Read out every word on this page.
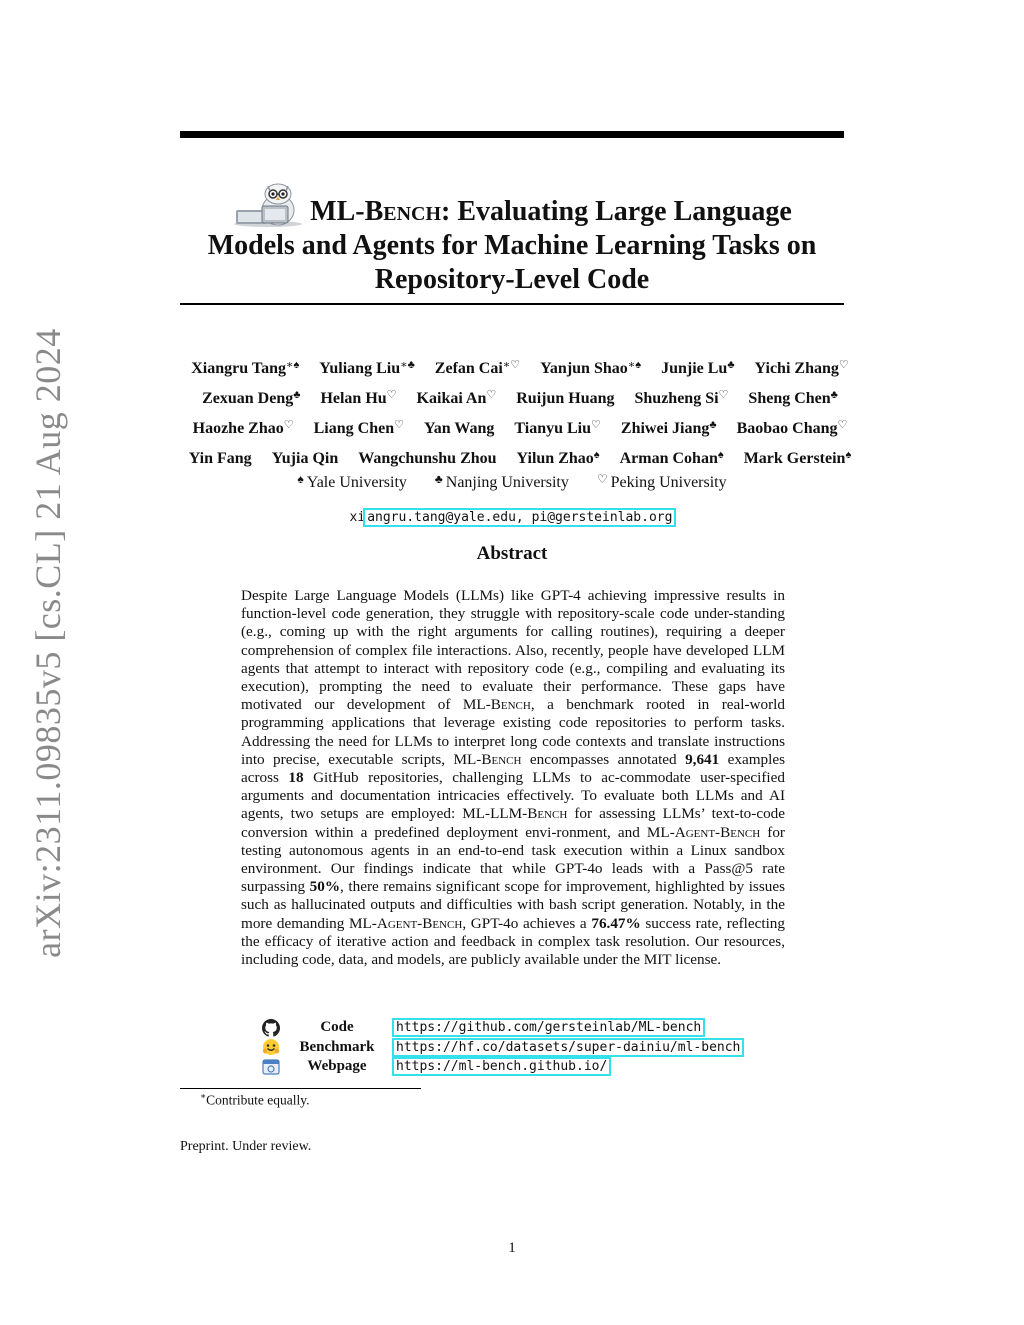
arXiv:2311.09835v5 [cs.CL] 21 Aug 2024

ML-Bench: Evaluating Large Language
Models and Agents for Machine Learning Tasks on
Repository-Level Code

Xiangru Tang∗♠ Yuliang Liu∗♣ Zefan Cai∗♡ Yanjun Shao∗♠ Junjie Lu♣ Yichi Zhang♡
Zexuan Deng♣ Helan Hu♡ Kaikai An♡ Ruijun Huang Shuzheng Si♡ Sheng Chen♣
Haozhe Zhao♡ Liang Chen♡ Yan Wang Tianyu Liu♡ Zhiwei Jiang♣ Baobao Chang♡
Yin Fang Yujia Qin Wangchunshu Zhou Yilun Zhao♠ Arman Cohan♠ Mark Gerstein♠
♠ Yale University ♣ Nanjing University ♡ Peking University
xi angru.tang@yale.edu, pi@gersteinlab.org
Abstract

Despite Large Language Models (LLMs) like GPT-4 achieving impressive results in function-level code generation, they struggle with repository-scale code under-standing (e.g., coming up with the right arguments for calling routines), requiring a deeper comprehension of complex file interactions. Also, recently, people have developed LLM agents that attempt to interact with repository code (e.g., compiling and evaluating its execution), prompting the need to evaluate their performance. These gaps have motivated our development of ML-Bench, a benchmark rooted in real-world programming applications that leverage existing code repositories to perform tasks. Addressing the need for LLMs to interpret long code contexts and translate instructions into precise, executable scripts, ML-Bench encompasses annotated 9,641 examples across 18 GitHub repositories, challenging LLMs to ac-commodate user-specified arguments and documentation intricacies effectively. To evaluate both LLMs and AI agents, two setups are employed: ML-LLM-Bench for assessing LLMs’ text-to-code conversion within a predefined deployment envi-ronment, and ML-Agent-Bench for testing autonomous agents in an end-to-end task execution within a Linux sandbox environment. Our findings indicate that while GPT-4o leads with a Pass@5 rate surpassing 50%, there remains significant scope for improvement, highlighted by issues such as hallucinated outputs and difficulties with bash script generation. Notably, in the more demanding ML-Agent-Bench, GPT-4o achieves a 76.47% success rate, reflecting the efficacy of iterative action and feedback in complex task resolution. Our resources, including code, data, and models, are publicly available under the MIT license.

Code	https://github.com/gersteinlab/ML-bench
Benchmark	https://hf.co/datasets/super-dainiu/ml-bench
Webpage	https://ml-bench.github.io/
∗Contribute equally.
Preprint. Under review.
1
